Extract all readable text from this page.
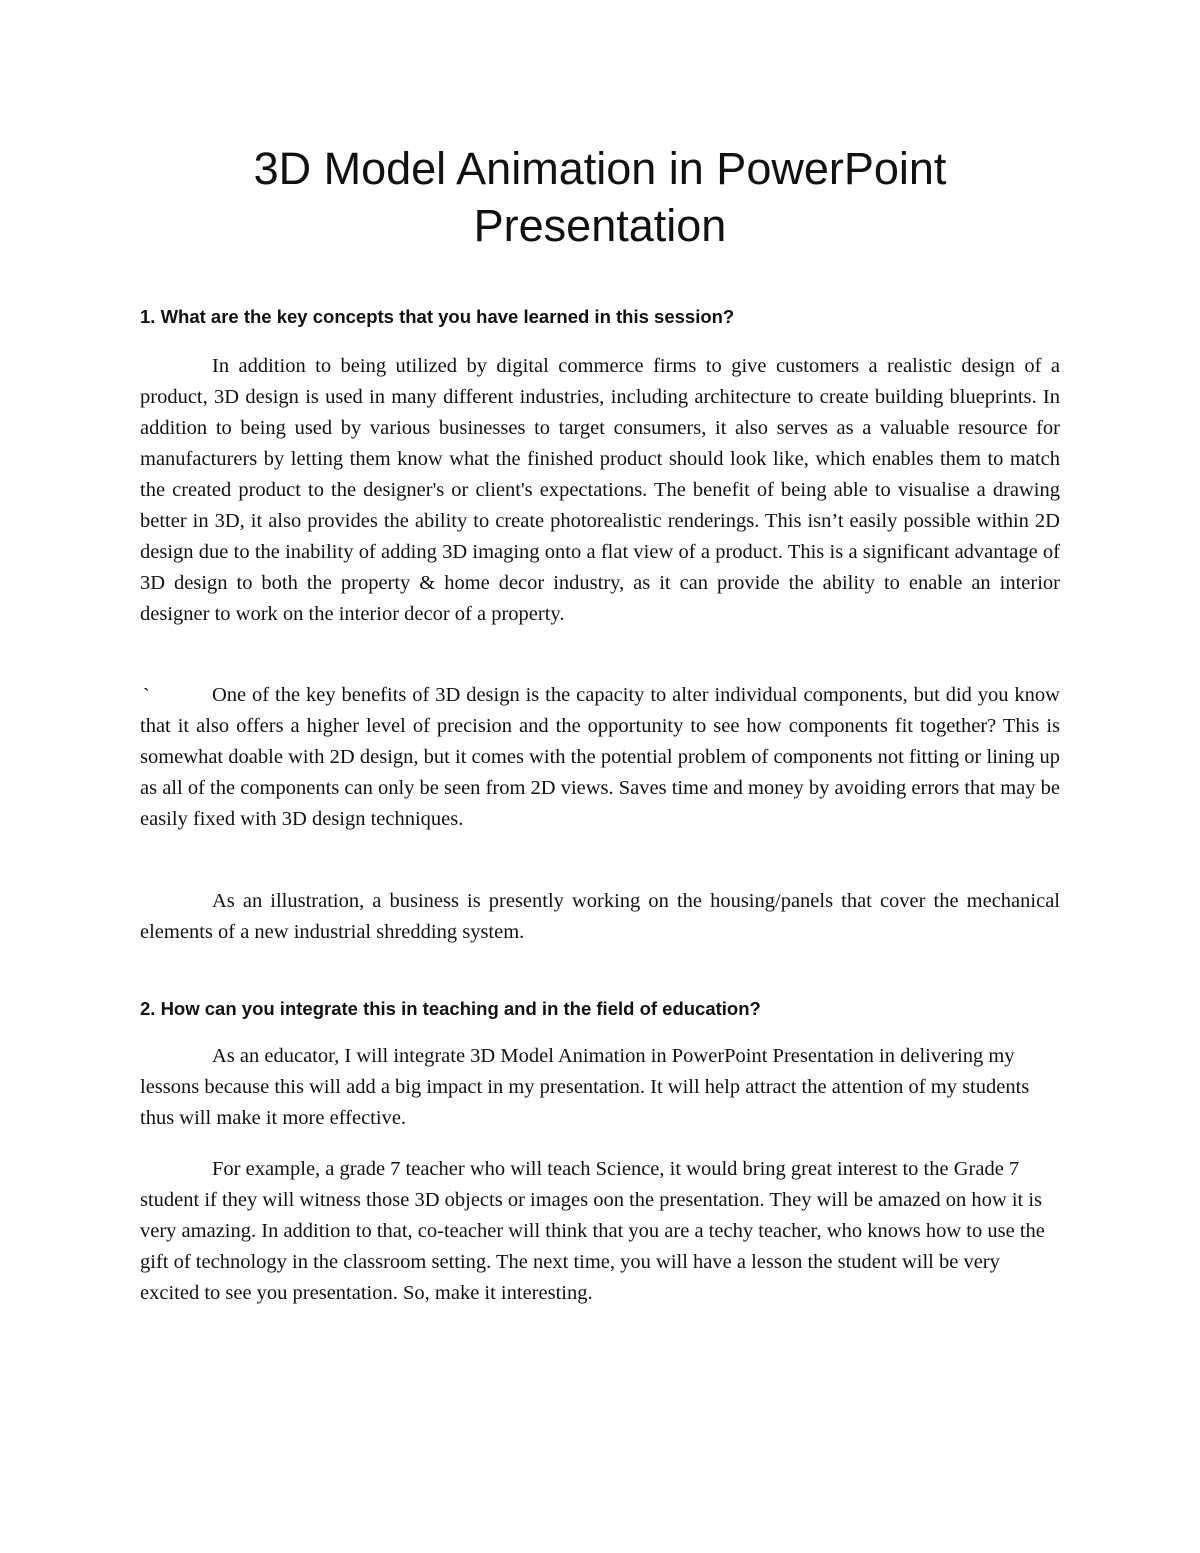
3D Model Animation in PowerPoint
Presentation
1. What are the key concepts that you have learned in this session?

In addition to being utilized by digital commerce firms to give customers a realistic design of a product, 3D design is used in many different industries, including architecture to create building blueprints. In addition to being used by various businesses to target consumers, it also serves as a valuable resource for manufacturers by letting them know what the finished product should look like, which enables them to match the created product to the designer's or client's expectations. The benefit of being able to visualise a drawing better in 3D, it also provides the ability to create photorealistic renderings. This isn’t easily possible within 2D design due to the inability of adding 3D imaging onto a flat view of a product. This is a significant advantage of 3D design to both the property & home decor industry, as it can provide the ability to enable an interior designer to work on the interior decor of a property.

`	One of the key benefits of 3D design is the capacity to alter individual components, but did you know that it also offers a higher level of precision and the opportunity to see how components fit together? This is somewhat doable with 2D design, but it comes with the potential problem of components not fitting or lining up as all of the components can only be seen from 2D views. Saves time and money by avoiding errors that may be easily fixed with 3D design techniques.

As an illustration, a business is presently working on the housing/panels that cover the mechanical elements of a new industrial shredding system.

2. How can you integrate this in teaching and in the field of education?

As an educator, I will integrate 3D Model Animation in PowerPoint Presentation in delivering my lessons because this will add a big impact in my presentation. It will help attract the attention of my students thus will make it more effective.

For example, a grade 7 teacher who will teach Science, it would bring great interest to the Grade 7 student if they will witness those 3D objects or images oon the presentation. They will be amazed on how it is very amazing. In addition to that, co-teacher will think that you are a techy teacher, who knows how to use the gift of technology in the classroom setting. The next time, you will have a lesson the student will be very excited to see you presentation. So, make it interesting.
